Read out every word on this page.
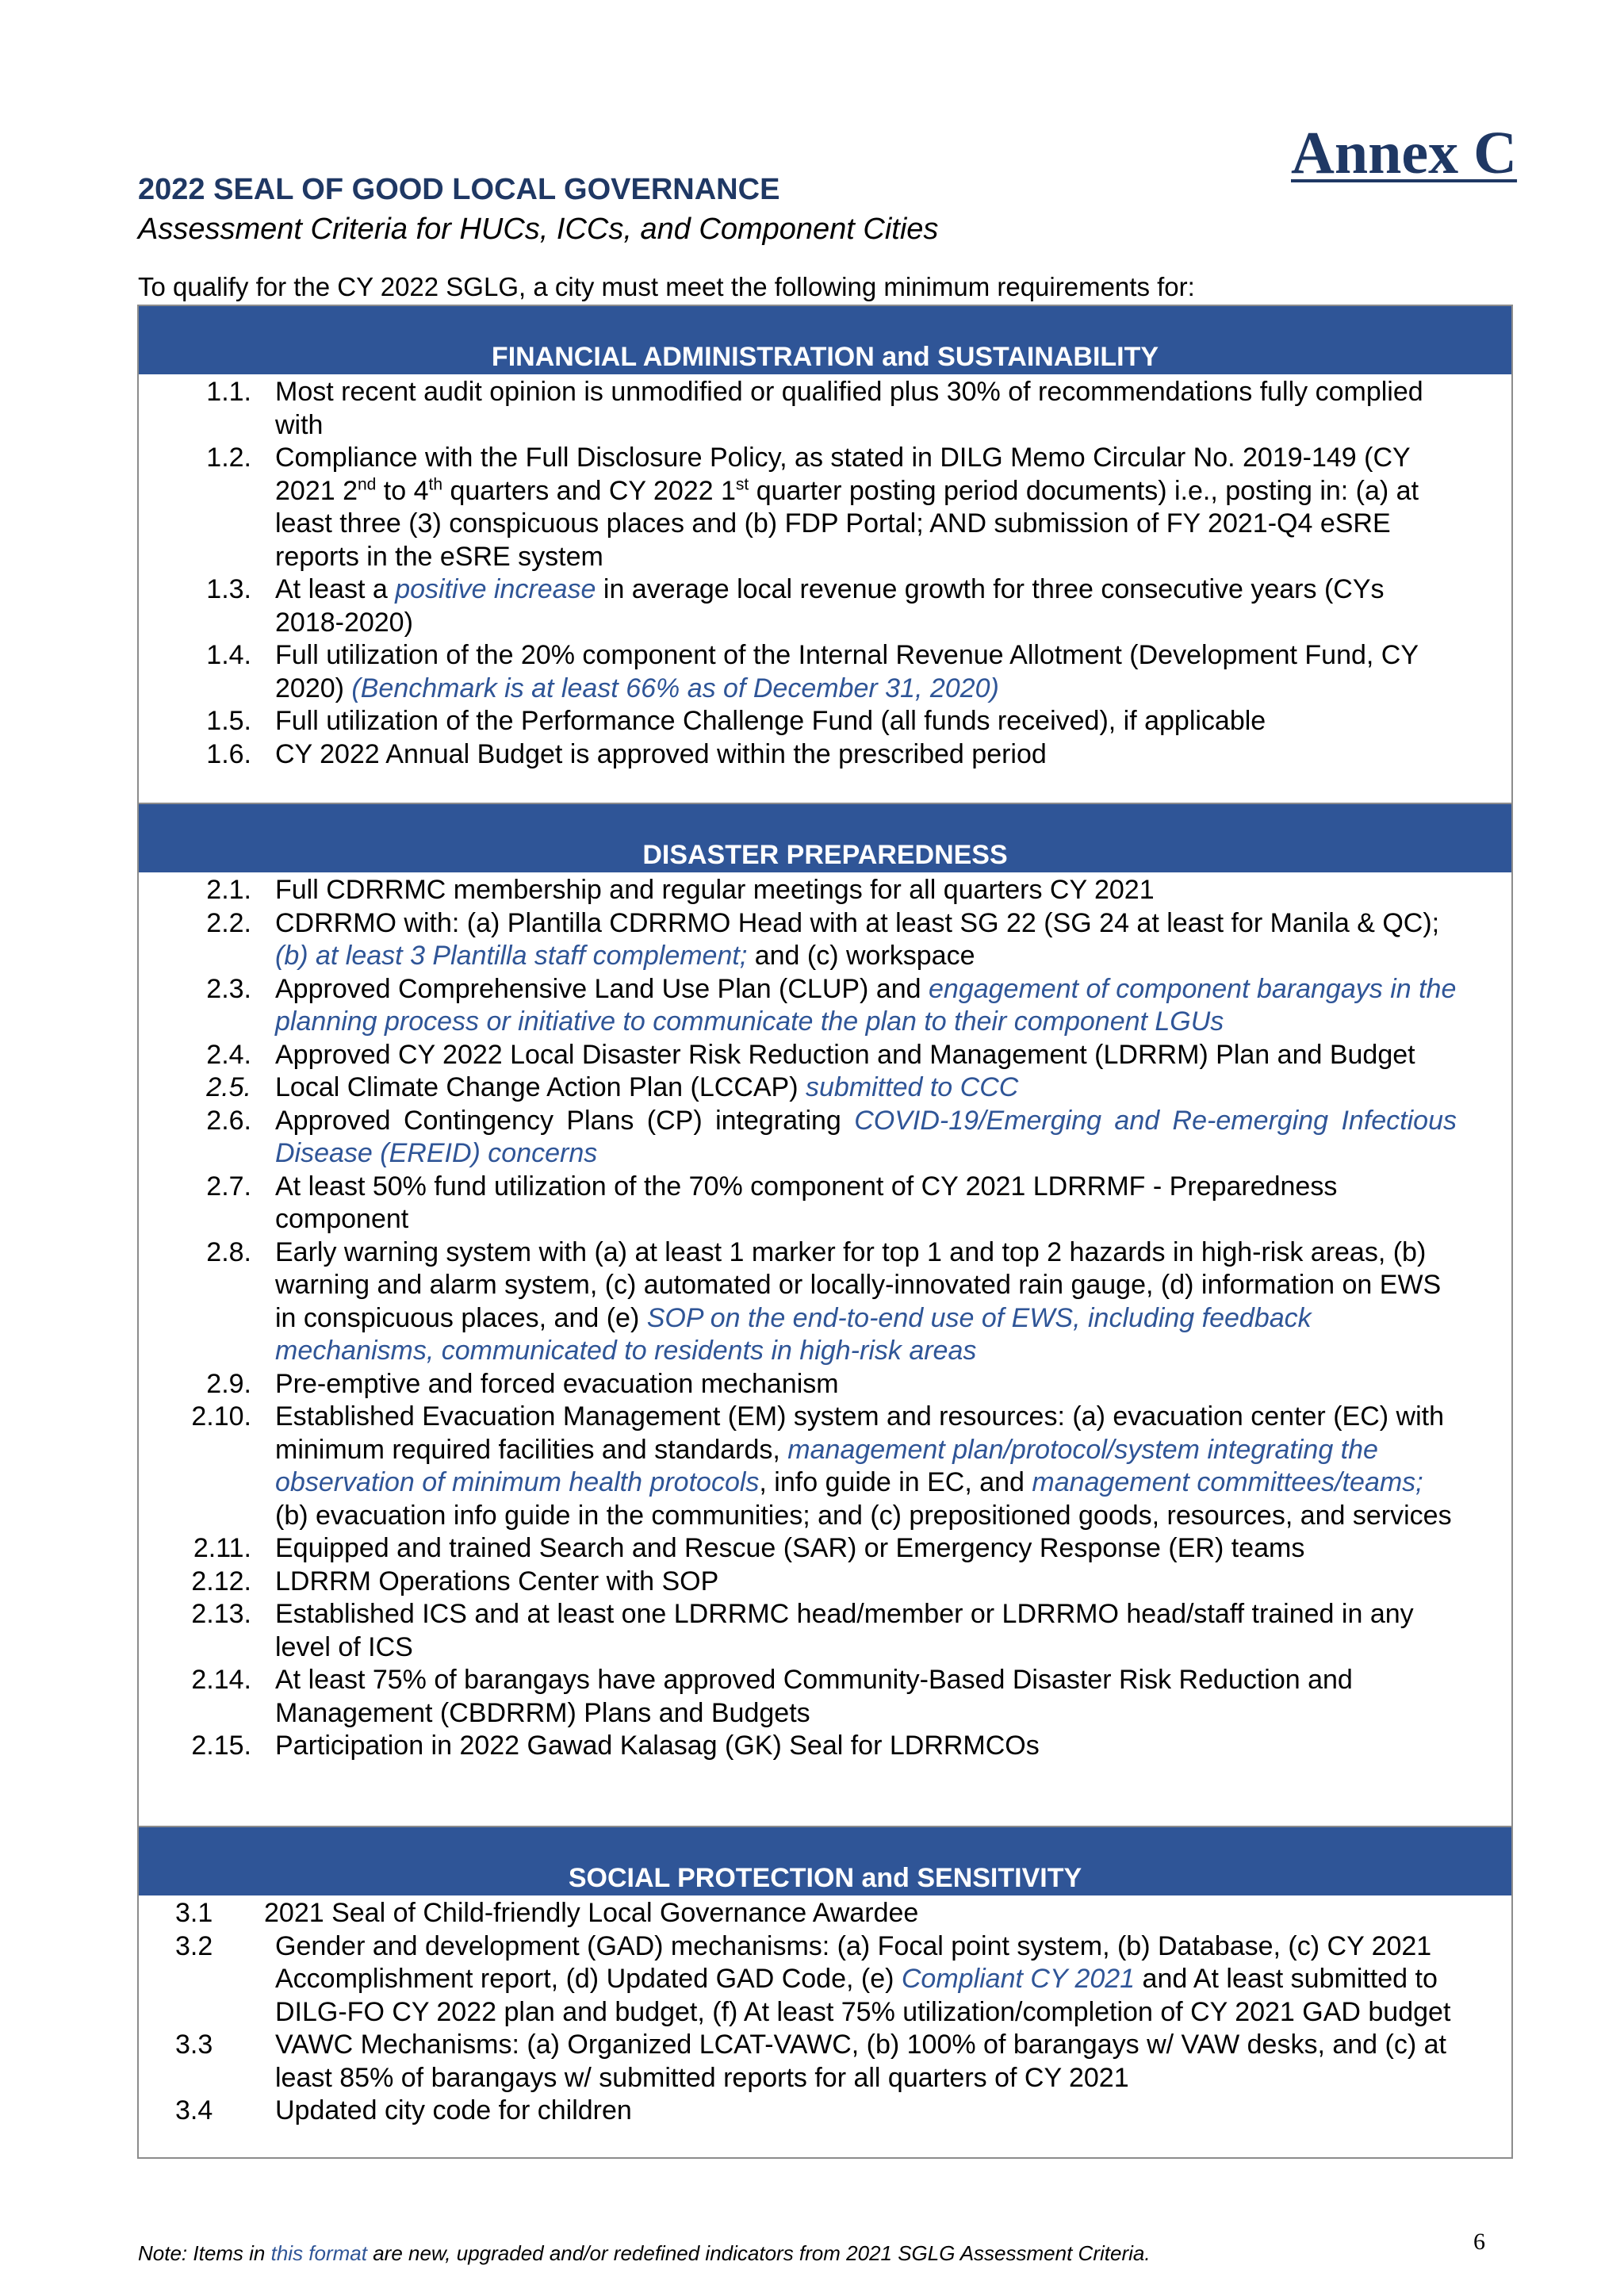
Annex C
2022 SEAL OF GOOD LOCAL GOVERNANCE
Assessment Criteria for HUCs, ICCs, and Component Cities
To qualify for the CY 2022 SGLG, a city must meet the following minimum requirements for:
FINANCIAL ADMINISTRATION and SUSTAINABILITY
1.1. Most recent audit opinion is unmodified or qualified plus 30% of recommendations fully complied with
1.2. Compliance with the Full Disclosure Policy, as stated in DILG Memo Circular No. 2019-149 (CY 2021 2nd to 4th quarters and CY 2022 1st quarter posting period documents) i.e., posting in: (a) at least three (3) conspicuous places and (b) FDP Portal; AND submission of FY 2021-Q4 eSRE reports in the eSRE system
1.3. At least a positive increase in average local revenue growth for three consecutive years (CYs 2018-2020)
1.4. Full utilization of the 20% component of the Internal Revenue Allotment (Development Fund, CY 2020) (Benchmark is at least 66% as of December 31, 2020)
1.5. Full utilization of the Performance Challenge Fund (all funds received), if applicable
1.6. CY 2022 Annual Budget is approved within the prescribed period
DISASTER PREPAREDNESS
2.1. Full CDRRMC membership and regular meetings for all quarters CY 2021
2.2. CDRRMO with: (a) Plantilla CDRRMO Head with at least SG 22 (SG 24 at least for Manila & QC); (b) at least 3 Plantilla staff complement; and (c) workspace
2.3. Approved Comprehensive Land Use Plan (CLUP) and engagement of component barangays in the planning process or initiative to communicate the plan to their component LGUs
2.4. Approved CY 2022 Local Disaster Risk Reduction and Management (LDRRM) Plan and Budget
2.5. Local Climate Change Action Plan (LCCAP) submitted to CCC
2.6. Approved Contingency Plans (CP) integrating COVID-19/Emerging and Re-emerging Infectious Disease (EREID) concerns
2.7. At least 50% fund utilization of the 70% component of CY 2021 LDRRMF - Preparedness component
2.8. Early warning system with (a) at least 1 marker for top 1 and top 2 hazards in high-risk areas, (b) warning and alarm system, (c) automated or locally-innovated rain gauge, (d) information on EWS in conspicuous places, and (e) SOP on the end-to-end use of EWS, including feedback mechanisms, communicated to residents in high-risk areas
2.9. Pre-emptive and forced evacuation mechanism
2.10. Established Evacuation Management (EM) system and resources: (a) evacuation center (EC) with minimum required facilities and standards, management plan/protocol/system integrating the observation of minimum health protocols, info guide in EC, and management committees/teams; (b) evacuation info guide in the communities; and (c) prepositioned goods, resources, and services
2.11. Equipped and trained Search and Rescue (SAR) or Emergency Response (ER) teams
2.12. LDRRM Operations Center with SOP
2.13. Established ICS and at least one LDRRMC head/member or LDRRMO head/staff trained in any level of ICS
2.14. At least 75% of barangays have approved Community-Based Disaster Risk Reduction and Management (CBDRRM) Plans and Budgets
2.15. Participation in 2022 Gawad Kalasag (GK) Seal for LDRRMCOs
SOCIAL PROTECTION and SENSITIVITY
3.1	2021 Seal of Child-friendly Local Governance Awardee
3.2	Gender and development (GAD) mechanisms: (a) Focal point system, (b) Database, (c) CY 2021 Accomplishment report, (d) Updated GAD Code, (e) Compliant CY 2021 and At least submitted to DILG-FO CY 2022 plan and budget, (f) At least 75% utilization/completion of CY 2021 GAD budget
3.3	VAWC Mechanisms: (a) Organized LCAT-VAWC, (b) 100% of barangays w/ VAW desks, and (c) at least 85% of barangays w/ submitted reports for all quarters of CY 2021
3.4	Updated city code for children
6
Note: Items in this format are new, upgraded and/or redefined indicators from 2021 SGLG Assessment Criteria.
